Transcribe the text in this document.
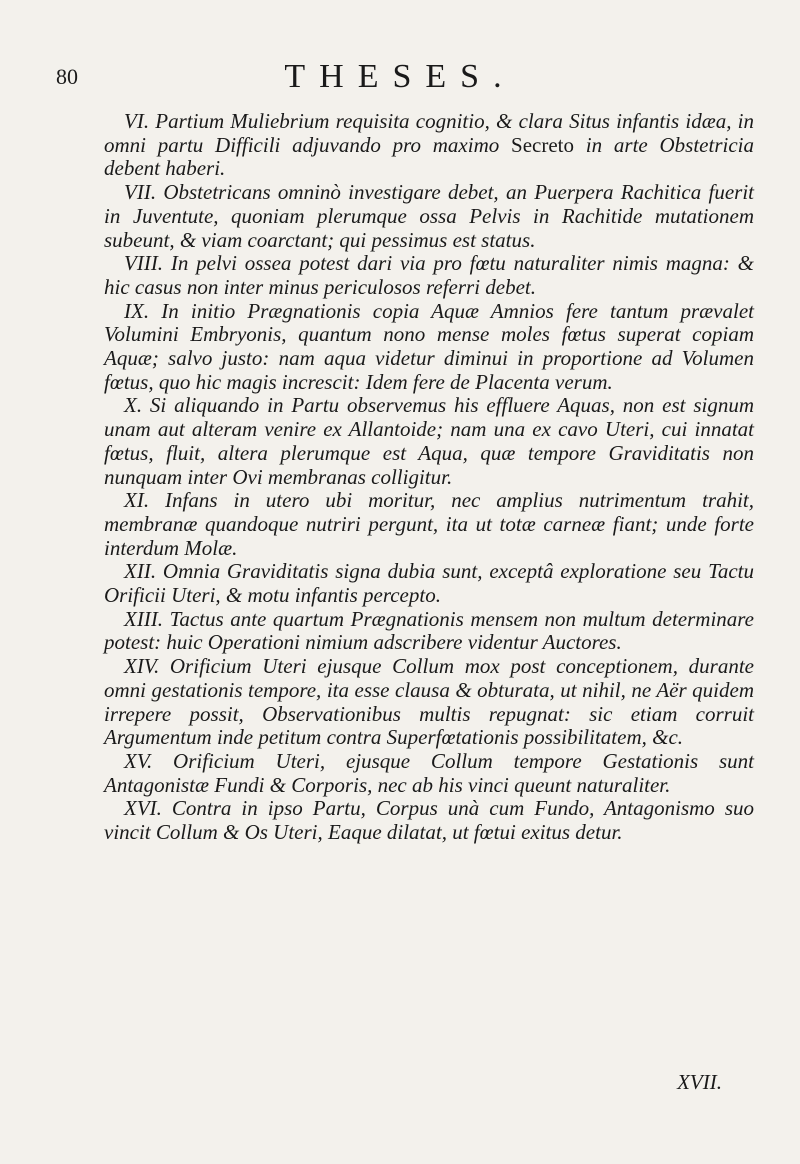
80	THESES.

VI. Partium Muliebrium requisita cognitio, & clara Situs infantis idæa, in omni partu Difficili adjuvando pro maximo Secreto in arte Obstetricia debent haberi.

VII. Obstetricans omninò investigare debet, an Puerpera Rachitica fuerit in Juventute, quoniam plerumque ossa Pelvis in Rachitide mutationem subeunt, & viam coarctant; qui pessimus est status.

VIII. In pelvi ossea potest dari via pro fœtu naturaliter nimis magna: & hic casus non inter minus periculosos referri debet.

IX. In initio Prægnationis copia Aquæ Amnios fere tantum prævalet Volumini Embryonis, quantum nono mense moles fœtus superat copiam Aquæ; salvo justo: nam aqua videtur diminui in proportione ad Volumen fœtus, quo hic magis increscit: Idem fere de Placenta verum.

X. Si aliquando in Partu observemus his effluere Aquas, non est signum unam aut alteram venire ex Allantoide; nam una ex cavo Uteri, cui innatat fœtus, fluit, altera plerumque est Aqua, quæ tempore Graviditatis non nunquam inter Ovi membranas colligitur.

XI. Infans in utero ubi moritur, nec amplius nutrimentum trahit, membranæ quandoque nutriri pergunt, ita ut totæ carneæ fiant; unde forte interdum Molæ.

XII. Omnia Graviditatis signa dubia sunt, exceptâ exploratione seu Tactu Orificii Uteri, & motu infantis percepto.

XIII. Tactus ante quartum Prægnationis mensem non multum determinare potest: huic Operationi nimium adscribere videntur Auctores.

XIV. Orificium Uteri ejusque Collum mox post conceptionem, durante omni gestationis tempore, ita esse clausa & obturata, ut nihil, ne Aër quidem irrepere possit, Observationibus multis repugnat: sic etiam corruit Argumentum inde petitum contra Superfœtationis possibilitatem, &c.

XV. Orificium Uteri, ejusque Collum tempore Gestationis sunt Antagonistæ Fundi & Corporis, nec ab his vinci queunt naturaliter.

XVI. Contra in ipso Partu, Corpus unà cum Fundo, Antagonismo suo vincit Collum & Os Uteri, Eaque dilatat, ut fœtui exitus detur.

XVII.
